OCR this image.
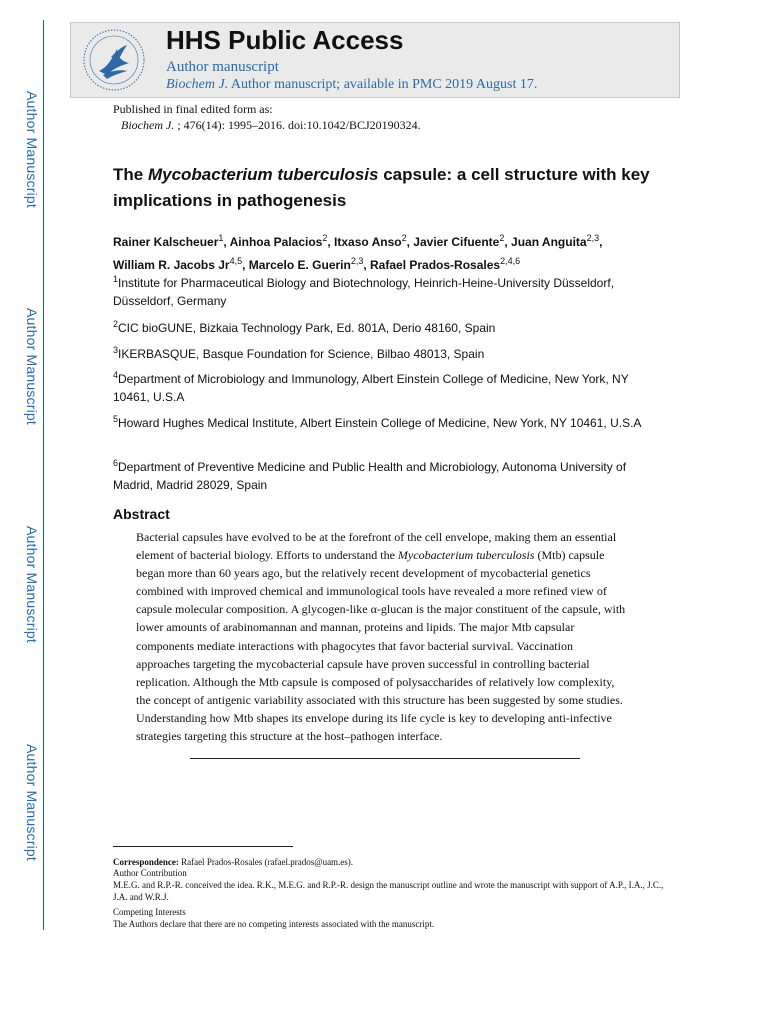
Author Manuscript
Author Manuscript
Author Manuscript
Author Manuscript
HHS Public Access
Author manuscript
Biochem J. Author manuscript; available in PMC 2019 August 17.
Published in final edited form as:
Biochem J. ; 476(14): 1995–2016. doi:10.1042/BCJ20190324.
The Mycobacterium tuberculosis capsule: a cell structure with key implications in pathogenesis
Rainer Kalscheuer$^1$, Ainhoa Palacios$^2$, Itxaso Anso$^2$, Javier Cifuente$^2$, Juan Anguita$^{2,3}$,
William R. Jacobs Jr$^{4,5}$, Marcelo E. Guerin$^{2,3}$, Rafael Prados-Rosales$^{2,4,6}$
$^1$Institute for Pharmaceutical Biology and Biotechnology, Heinrich-Heine-University Düsseldorf, Düsseldorf, Germany
$^2$CIC bioGUNE, Bizkaia Technology Park, Ed. 801A, Derio 48160, Spain
$^3$IKERBASQUE, Basque Foundation for Science, Bilbao 48013, Spain
$^4$Department of Microbiology and Immunology, Albert Einstein College of Medicine, New York, NY 10461, U.S.A
$^5$Howard Hughes Medical Institute, Albert Einstein College of Medicine, New York, NY 10461, U.S.A
$^6$Department of Preventive Medicine and Public Health and Microbiology, Autonoma University of Madrid, Madrid 28029, Spain
Abstract
Bacterial capsules have evolved to be at the forefront of the cell envelope, making them an essential element of bacterial biology. Efforts to understand the Mycobacterium tuberculosis (Mtb) capsule began more than 60 years ago, but the relatively recent development of mycobacterial genetics combined with improved chemical and immunological tools have revealed a more refined view of capsule molecular composition. A glycogen-like α-glucan is the major constituent of the capsule, with lower amounts of arabinomannan and mannan, proteins and lipids. The major Mtb capsular components mediate interactions with phagocytes that favor bacterial survival. Vaccination approaches targeting the mycobacterial capsule have proven successful in controlling bacterial replication. Although the Mtb capsule is composed of polysaccharides of relatively low complexity, the concept of antigenic variability associated with this structure has been suggested by some studies. Understanding how Mtb shapes its envelope during its life cycle is key to developing anti-infective strategies targeting this structure at the host–pathogen interface.
Correspondence: Rafael Prados-Rosales (rafael.prados@uam.es).
Author Contribution
M.E.G. and R.P.-R. conceived the idea. R.K., M.E.G. and R.P.-R. design the manuscript outline and wrote the manuscript with support of A.P., I.A., J.C., J.A. and W.R.J.
Competing Interests
The Authors declare that there are no competing interests associated with the manuscript.
